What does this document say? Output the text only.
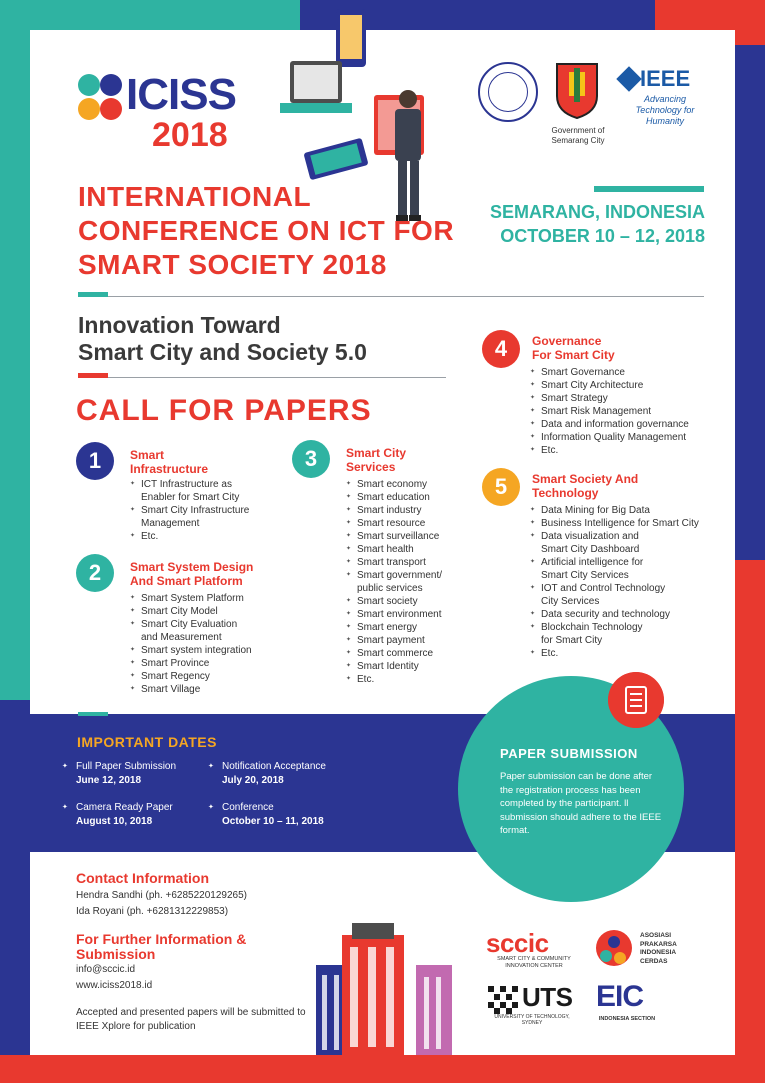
ICISS
2018	Government of Semarang City
IEEE
Advancing Technology for Humanity
INTERNATIONAL CONFERENCE ON ICT FOR SMART SOCIETY 2018
SEMARANG, INDONESIA
OCTOBER 10 – 12, 2018
Innovation Toward
Smart City and Society 5.0
CALL FOR PAPERS
1	Smart
Infrastructure
✦ ICT Infrastructure as
Enabler for Smart City
✦ Smart City Infrastructure
Management
✦ Etc.
2	Smart System Design
And Smart Platform
✦ Smart System Platform
✦ Smart City Model
✦ Smart City Evaluation
and Measurement
✦ Smart system integration
✦ Smart Province
✦ Smart Regency
✦ Smart Village
3	Smart City
Services
✦ Smart economy
✦ Smart education
✦ Smart industry
✦ Smart resource
✦ Smart surveillance
✦ Smart health
✦ Smart transport
✦ Smart government/
public services
✦ Smart society
✦ Smart environment
✦ Smart energy
✦ Smart payment
✦ Smart commerce
✦ Smart Identity
✦ Etc.
4	Governance
For Smart City
✦ Smart Governance
✦ Smart City Architecture
✦ Smart Strategy
✦ Smart Risk Management
✦ Data and information governance
✦ Information Quality Management
✦ Etc.
5	Smart Society And
Technology
✦ Data Mining for Big Data
✦ Business Intelligence for Smart City
✦ Data visualization and
Smart City Dashboard
✦ Artificial intelligence for
Smart City Services
✦ IOT and Control Technology
City Services
✦ Data security and technology
✦ Blockchain Technology
for Smart City
✦ Etc.
IMPORTANT DATES
✦ Full Paper Submission
June 12, 2018
✦ Notification Acceptance
July 20, 2018
✦ Camera Ready Paper
August 10, 2018
✦ Conference
October 10 – 11, 2018
PAPER SUBMISSION
Paper submission can be done after the registration process has been completed by the participant. ll submission should adhere to the IEEE format.
Contact Information
Hendra Sandhi (ph. +6285220129265)
Ida Royani (ph. +6281312229853)
For Further Information & Submission
info@sccic.id
www.iciss2018.id
Accepted and presented papers will be submitted to IEEE Xplore for publication
sccic
SMART CITY & COMMUNITY INNOVATION CENTER
ASOSIASI PRAKARSA INDONESIA CERDAS
UTS
UNIVERSITY OF TECHNOLOGY, SYDNEY
EIC
INDONESIA SECTION
